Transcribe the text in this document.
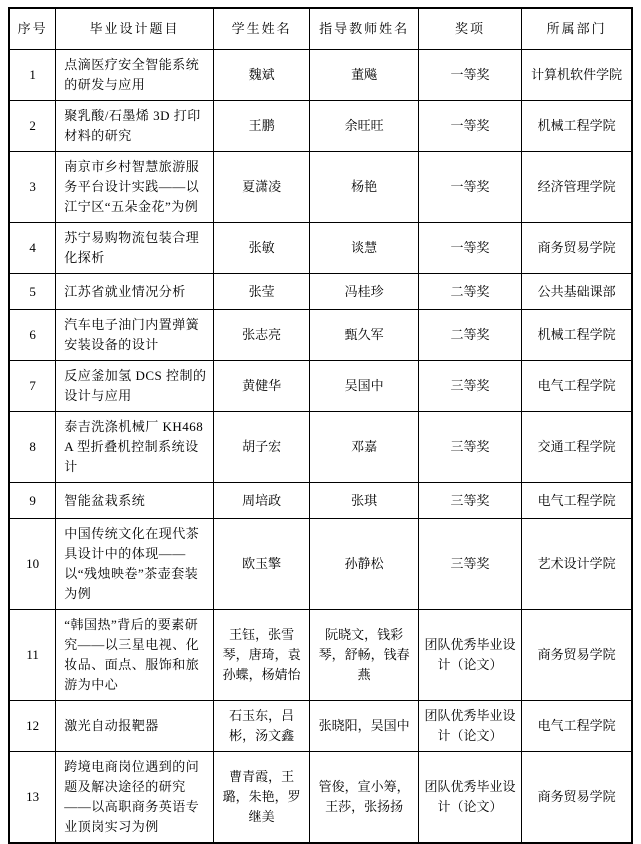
序号	毕业设计题目	学生姓名	指导教师姓名	奖项	所属部门
1	点滴医疗安全智能系统的研发与应用	魏斌	董飚	一等奖	计算机软件学院
2	聚乳酸/石墨烯 3D 打印材料的研究	王鹏	余旺旺	一等奖	机械工程学院
3	南京市乡村智慧旅游服务平台设计实践——以江宁区“五朵金花”为例	夏潇凌	杨艳	一等奖	经济管理学院
4	苏宁易购物流包装合理化探析	张敏	谈慧	一等奖	商务贸易学院
5	江苏省就业情况分析	张莹	冯桂珍	二等奖	公共基础课部
6	汽车电子油门内置弹簧安装设备的设计	张志亮	甄久军	二等奖	机械工程学院
7	反应釜加氢 DCS 控制的设计与应用	黄健华	吴国中	三等奖	电气工程学院
8	泰吉洗涤机械厂 KH468A 型折叠机控制系统设计	胡子宏	邓嘉	三等奖	交通工程学院
9	智能盆栽系统	周培政	张琪	三等奖	电气工程学院
10	中国传统文化在现代茶具设计中的体现——以“残烛映卷”茶壶套装为例	欧玉擎	孙静松	三等奖	艺术设计学院
11	“韩国热”背后的要素研究——以三星电视、化妆品、面点、服饰和旅游为中心	王钰，张雪琴，唐琦，袁孙蝶，杨婧怡	阮晓文，钱彩琴，舒畅，钱春燕	团队优秀毕业设计（论文）	商务贸易学院
12	激光自动报靶器	石玉东，吕彬，汤文鑫	张晓阳，吴国中	团队优秀毕业设计（论文）	电气工程学院
13	跨境电商岗位遇到的问题及解决途径的研究——以高职商务英语专业顶岗实习为例	曹青霞，王璐，朱艳，罗继美	管俊，宣小筹，王莎，张扬扬	团队优秀毕业设计（论文）	商务贸易学院
